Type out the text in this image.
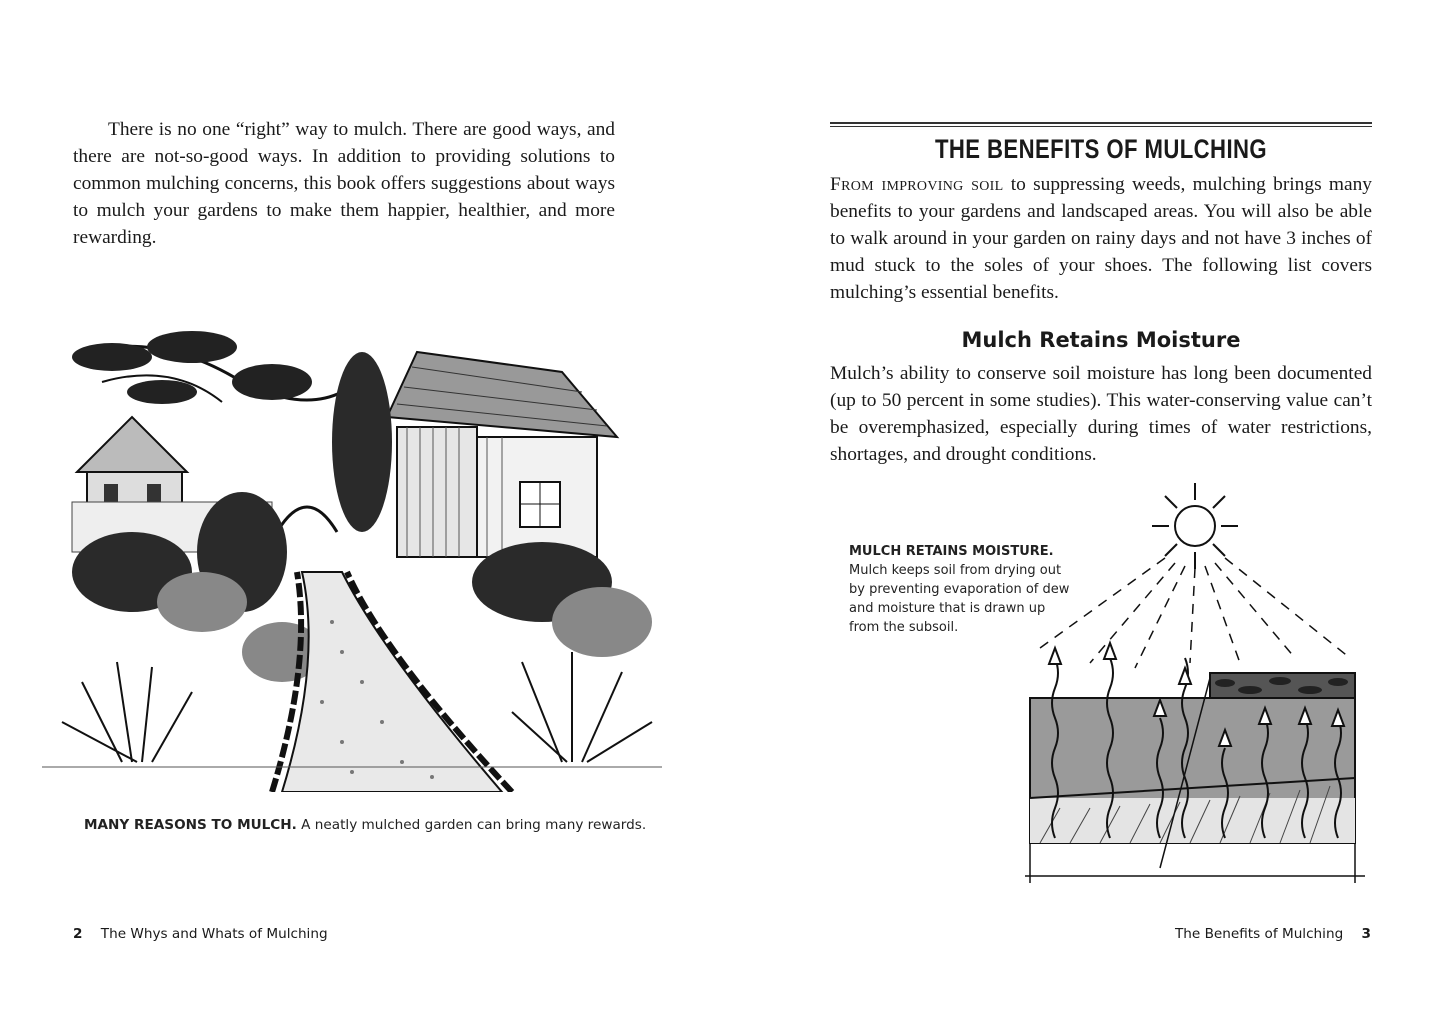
There is no one “right” way to mulch. There are good ways, and there are not-so-good ways. In addition to providing solutions to common mulching concerns, this book offers suggestions about ways to mulch your gardens to make them happier, healthier, and more rewarding.

MANY REASONS TO MULCH. A neatly mulched garden can bring many rewards.
2 The Whys and Whats of Mulching
THE BENEFITS OF MULCHING

From improving soil to suppressing weeds, mulching brings many benefits to your gardens and landscaped areas. You will also be able to walk around in your garden on rainy days and not have 3 inches of mud stuck to the soles of your shoes. The following list covers mulching’s essential benefits.

Mulch Retains Moisture

Mulch’s ability to conserve soil moisture has long been documented (up to 50 percent in some studies). This water-conserving value can’t be overemphasized, especially during times of water restrictions, shortages, and drought conditions.

MULCH RETAINS MOISTURE.
Mulch keeps soil from drying out by preventing evaporation of dew and moisture that is drawn up from the subsoil.
The Benefits of Mulching 3
